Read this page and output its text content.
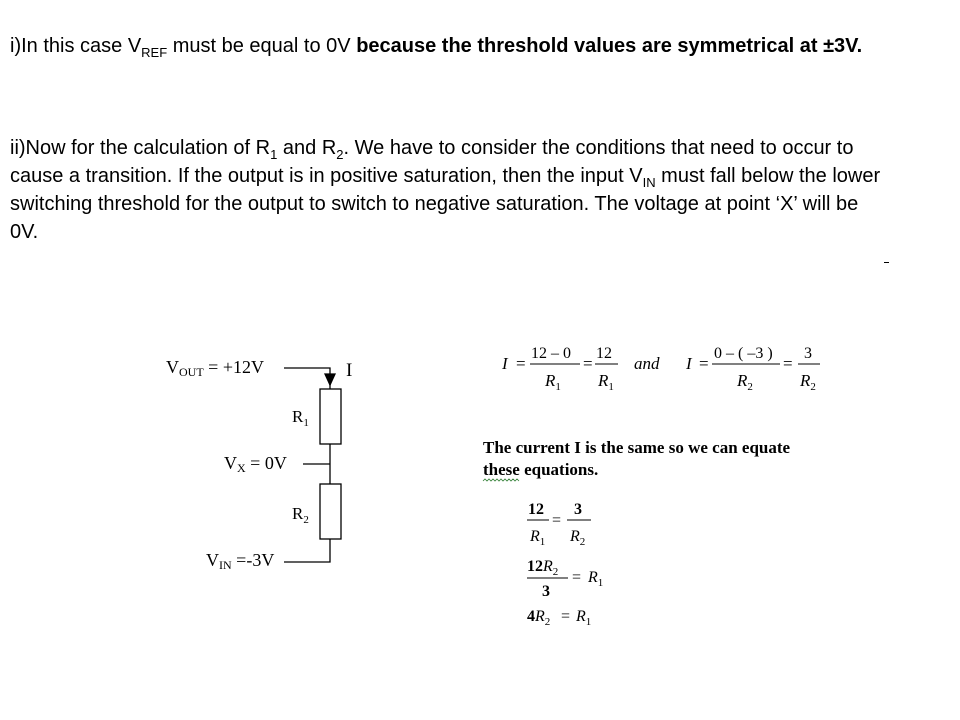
i)In this case $V_{REF}$ must be equal to 0V because the threshold values are symmetrical at ±3V.
ii)Now for the calculation of $R_1$ and $R_2$. We have to consider the conditions that need to occur to cause a transition. If the output is in positive saturation, then the input $V_{IN}$ must fall below the lower switching threshold for the output to switch to negative saturation. The voltage at point ‘X’ will be 0V.
VOUT = +12V	I
$R_1$
VX = 0V
$R_2$
VIN =-3V
I =
12 – 0
$R_1$
=
12
$R_1$
and I =
0 – ( –3 )
$R_2$
=
3
$R_2$
The current I is the same so we can equate
these equations.
12
$R_1$
=
3
$R_2$
$12R_2$
3
= $R_1$
$4R_2 = R_1$
